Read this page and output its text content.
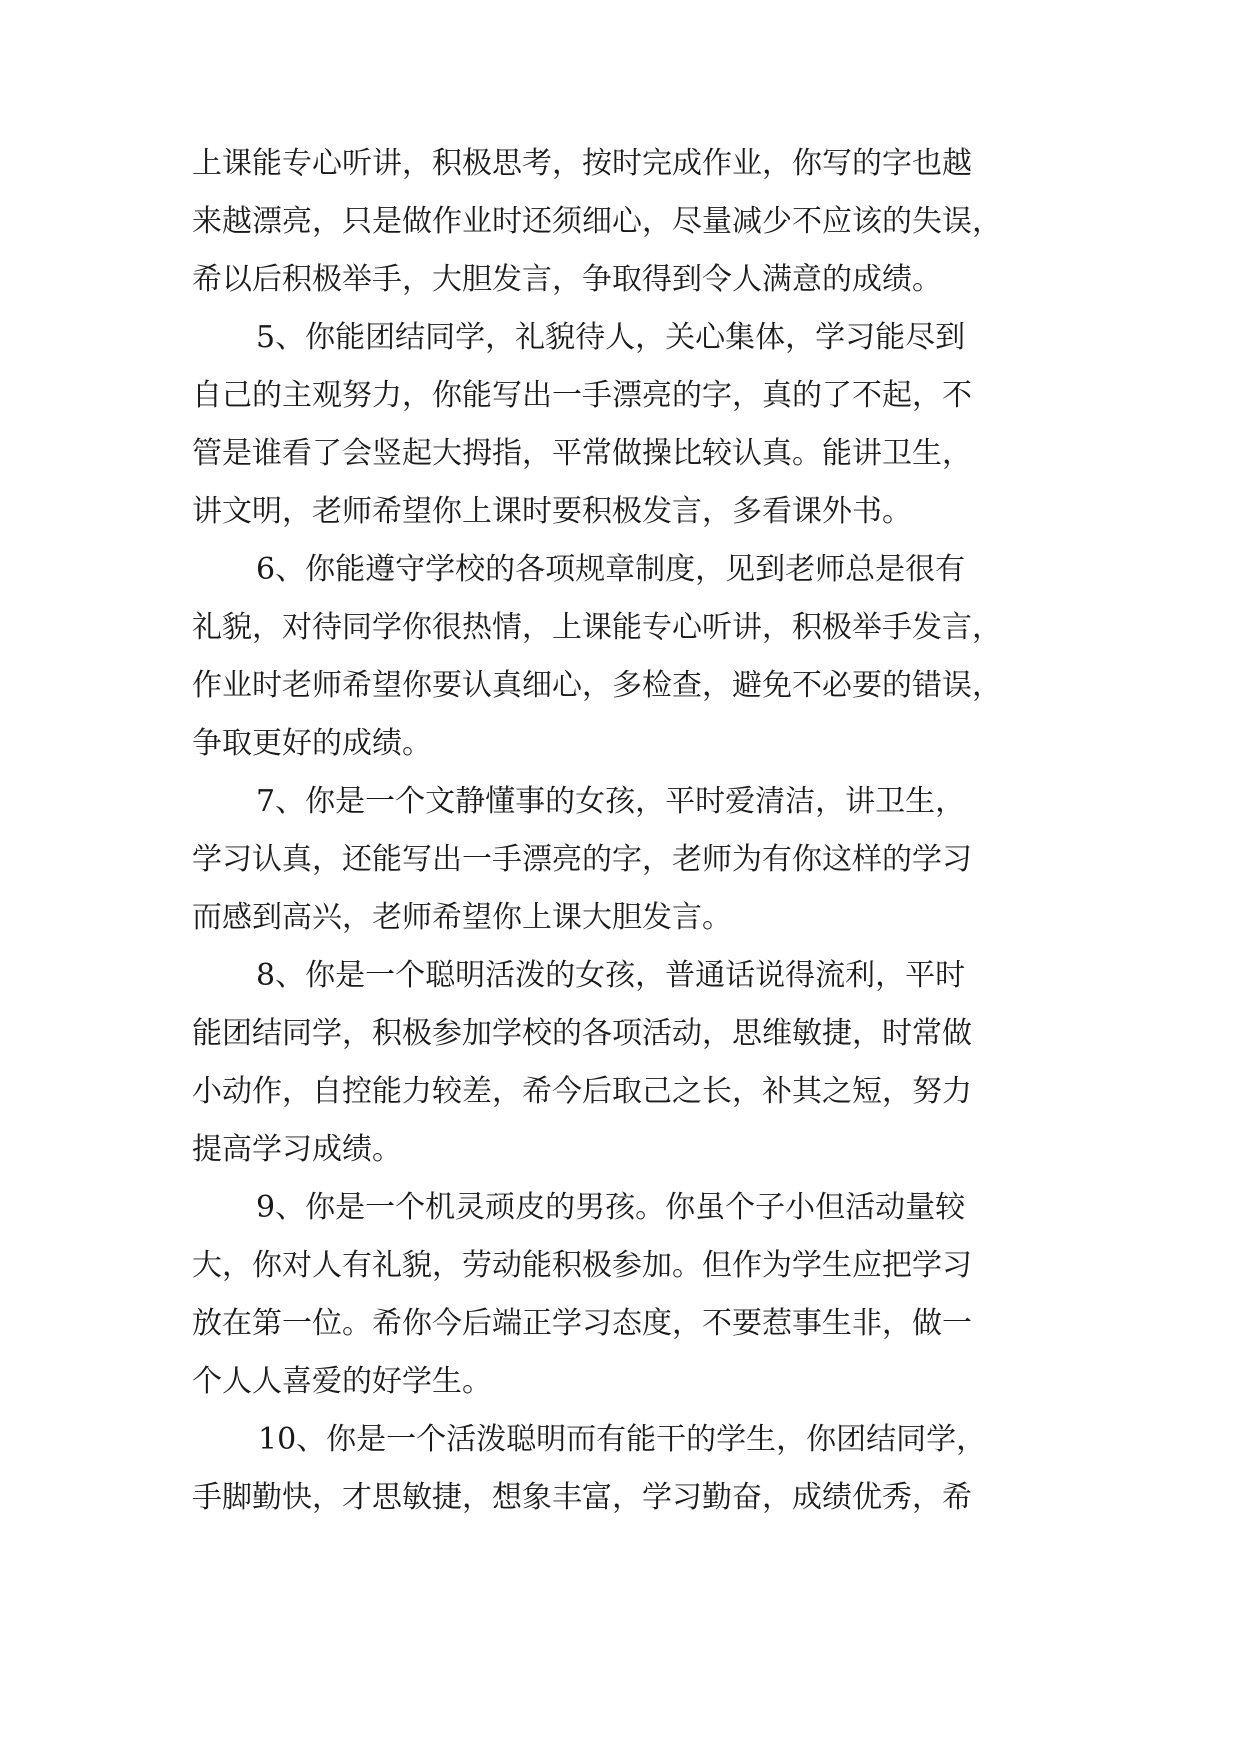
上课能专心听讲，积极思考，按时完成作业，你写的字也越
来越漂亮，只是做作业时还须细心，尽量减少不应该的失误，
希以后积极举手，大胆发言，争取得到令人满意的成绩。
5、你能团结同学，礼貌待人，关心集体，学习能尽到
自己的主观努力，你能写出一手漂亮的字，真的了不起，不
管是谁看了会竖起大拇指，平常做操比较认真。能讲卫生，
讲文明，老师希望你上课时要积极发言，多看课外书。
6、你能遵守学校的各项规章制度，见到老师总是很有
礼貌，对待同学你很热情，上课能专心听讲，积极举手发言，
作业时老师希望你要认真细心，多检查，避免不必要的错误，
争取更好的成绩。
7、你是一个文静懂事的女孩，平时爱清洁，讲卫生，
学习认真，还能写出一手漂亮的字，老师为有你这样的学习
而感到高兴，老师希望你上课大胆发言。
8、你是一个聪明活泼的女孩，普通话说得流利，平时
能团结同学，积极参加学校的各项活动，思维敏捷，时常做
小动作，自控能力较差，希今后取己之长，补其之短，努力
提高学习成绩。
9、你是一个机灵顽皮的男孩。你虽个子小但活动量较
大，你对人有礼貌，劳动能积极参加。但作为学生应把学习
放在第一位。希你今后端正学习态度，不要惹事生非，做一
个人人喜爱的好学生。
10、你是一个活泼聪明而有能干的学生，你团结同学，
手脚勤快，才思敏捷，想象丰富，学习勤奋，成绩优秀，希
